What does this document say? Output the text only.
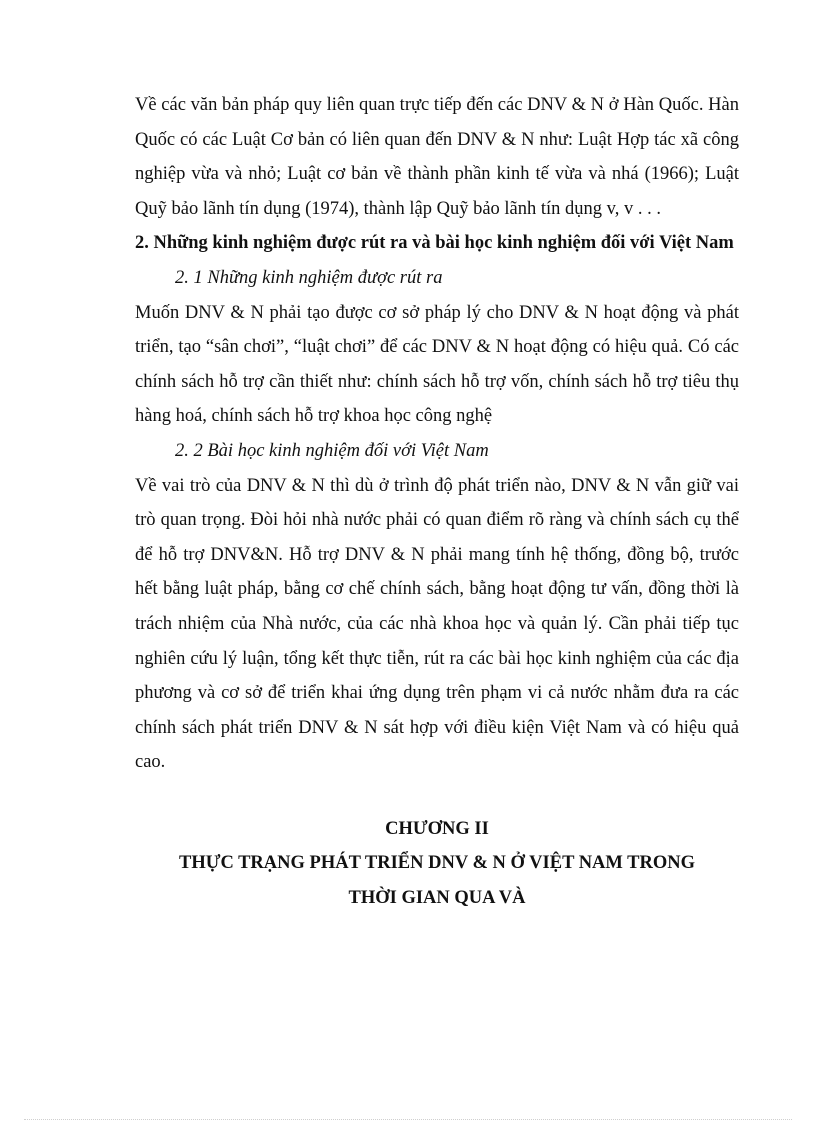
Về các văn bản pháp quy liên quan trực tiếp đến các DNV & N ở Hàn Quốc. Hàn Quốc có các Luật Cơ bản có liên quan đến DNV & N như: Luật Hợp tác xã công nghiệp vừa và nhỏ; Luật cơ bản về thành phần kinh tế vừa và nhá (1966); Luật Quỹ bảo lãnh tín dụng (1974), thành lập Quỹ bảo lãnh tín dụng v, v . . .

2. Những kinh nghiệm được rút ra và bài học kinh nghiệm đối với Việt Nam

2. 1 Những kinh nghiệm được rút ra

Muốn DNV & N phải tạo được cơ sở pháp lý cho DNV & N hoạt động và phát triển, tạo “sân chơi”, “luật chơi” để các DNV & N hoạt động có hiệu quả. Có các chính sách hỗ trợ cần thiết như: chính sách hỗ trợ vốn, chính sách hỗ trợ tiêu thụ hàng hoá, chính sách hỗ trợ khoa học công nghệ

2. 2 Bài học kinh nghiệm đối với Việt Nam

Về vai trò của DNV & N thì dù ở trình độ phát triển nào, DNV & N vẫn giữ vai trò quan trọng. Đòi hỏi nhà nước phải có quan điểm rõ ràng và chính sách cụ thể để hỗ trợ DNV&N. Hỗ trợ DNV & N phải mang tính hệ thống, đồng bộ, trước hết bằng luật pháp, bằng cơ chế chính sách, bằng hoạt động tư vấn, đồng thời là trách nhiệm của Nhà nước, của các nhà khoa học và quản lý. Cần phải tiếp tục nghiên cứu lý luận, tổng kết thực tiễn, rút ra các bài học kinh nghiệm của các địa phương và cơ sở để triển khai ứng dụng trên phạm vi cả nước nhằm đưa ra các chính sách phát triển DNV & N sát hợp với điều kiện Việt Nam và có hiệu quả cao.

CHƯƠNG II

THỰC TRẠNG PHÁT TRIỂN DNV & N Ở VIỆT NAM TRONG

THỜI GIAN QUA VÀ
